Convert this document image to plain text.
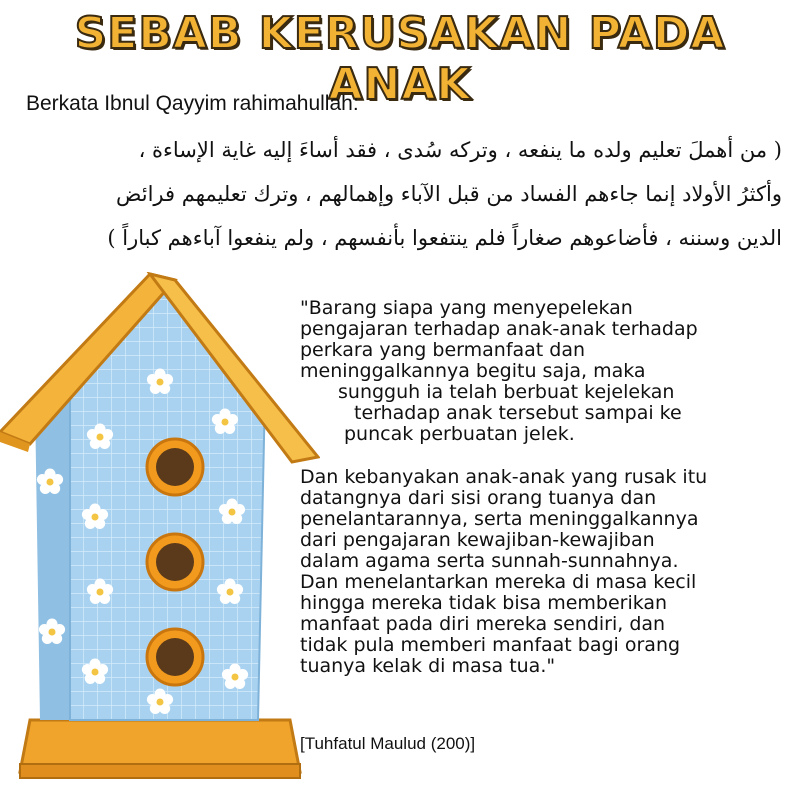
SEBAB KERUSAKAN PADA ANAK
Berkata Ibnul Qayyim rahimahullah:
( من أهملَ تعليم ولده ما ينفعه ، وتركه سُدى ، فقد أساءَ إليه غاية الإساءة ،
وأكثرُ الأولاد إنما جاءهم الفساد من قبل الآباء وإهمالهم ، وترك تعليمهم فرائض
الدين وسننه ، فأضاعوهم صغاراً فلم ينتفعوا بأنفسهم ، ولم ينفعوا آباءهم كباراً )
"Barang siapa yang menyepelekan
pengajaran terhadap anak-anak terhadap
perkara yang bermanfaat dan
meninggalkannya begitu saja, maka
sungguh ia telah berbuat kejelekan
terhadap anak tersebut sampai ke
puncak perbuatan jelek.
Dan kebanyakan anak-anak yang rusak itu
datangnya dari sisi orang tuanya dan
penelantarannya, serta meninggalkannya
dari pengajaran kewajiban-kewajiban
dalam agama serta sunnah-sunnahnya.
Dan menelantarkan mereka di masa kecil
hingga mereka tidak bisa memberikan
manfaat pada diri mereka sendiri, dan
tidak pula memberi manfaat bagi orang
tuanya kelak di masa tua."
[Tuhfatul Maulud (200)]
